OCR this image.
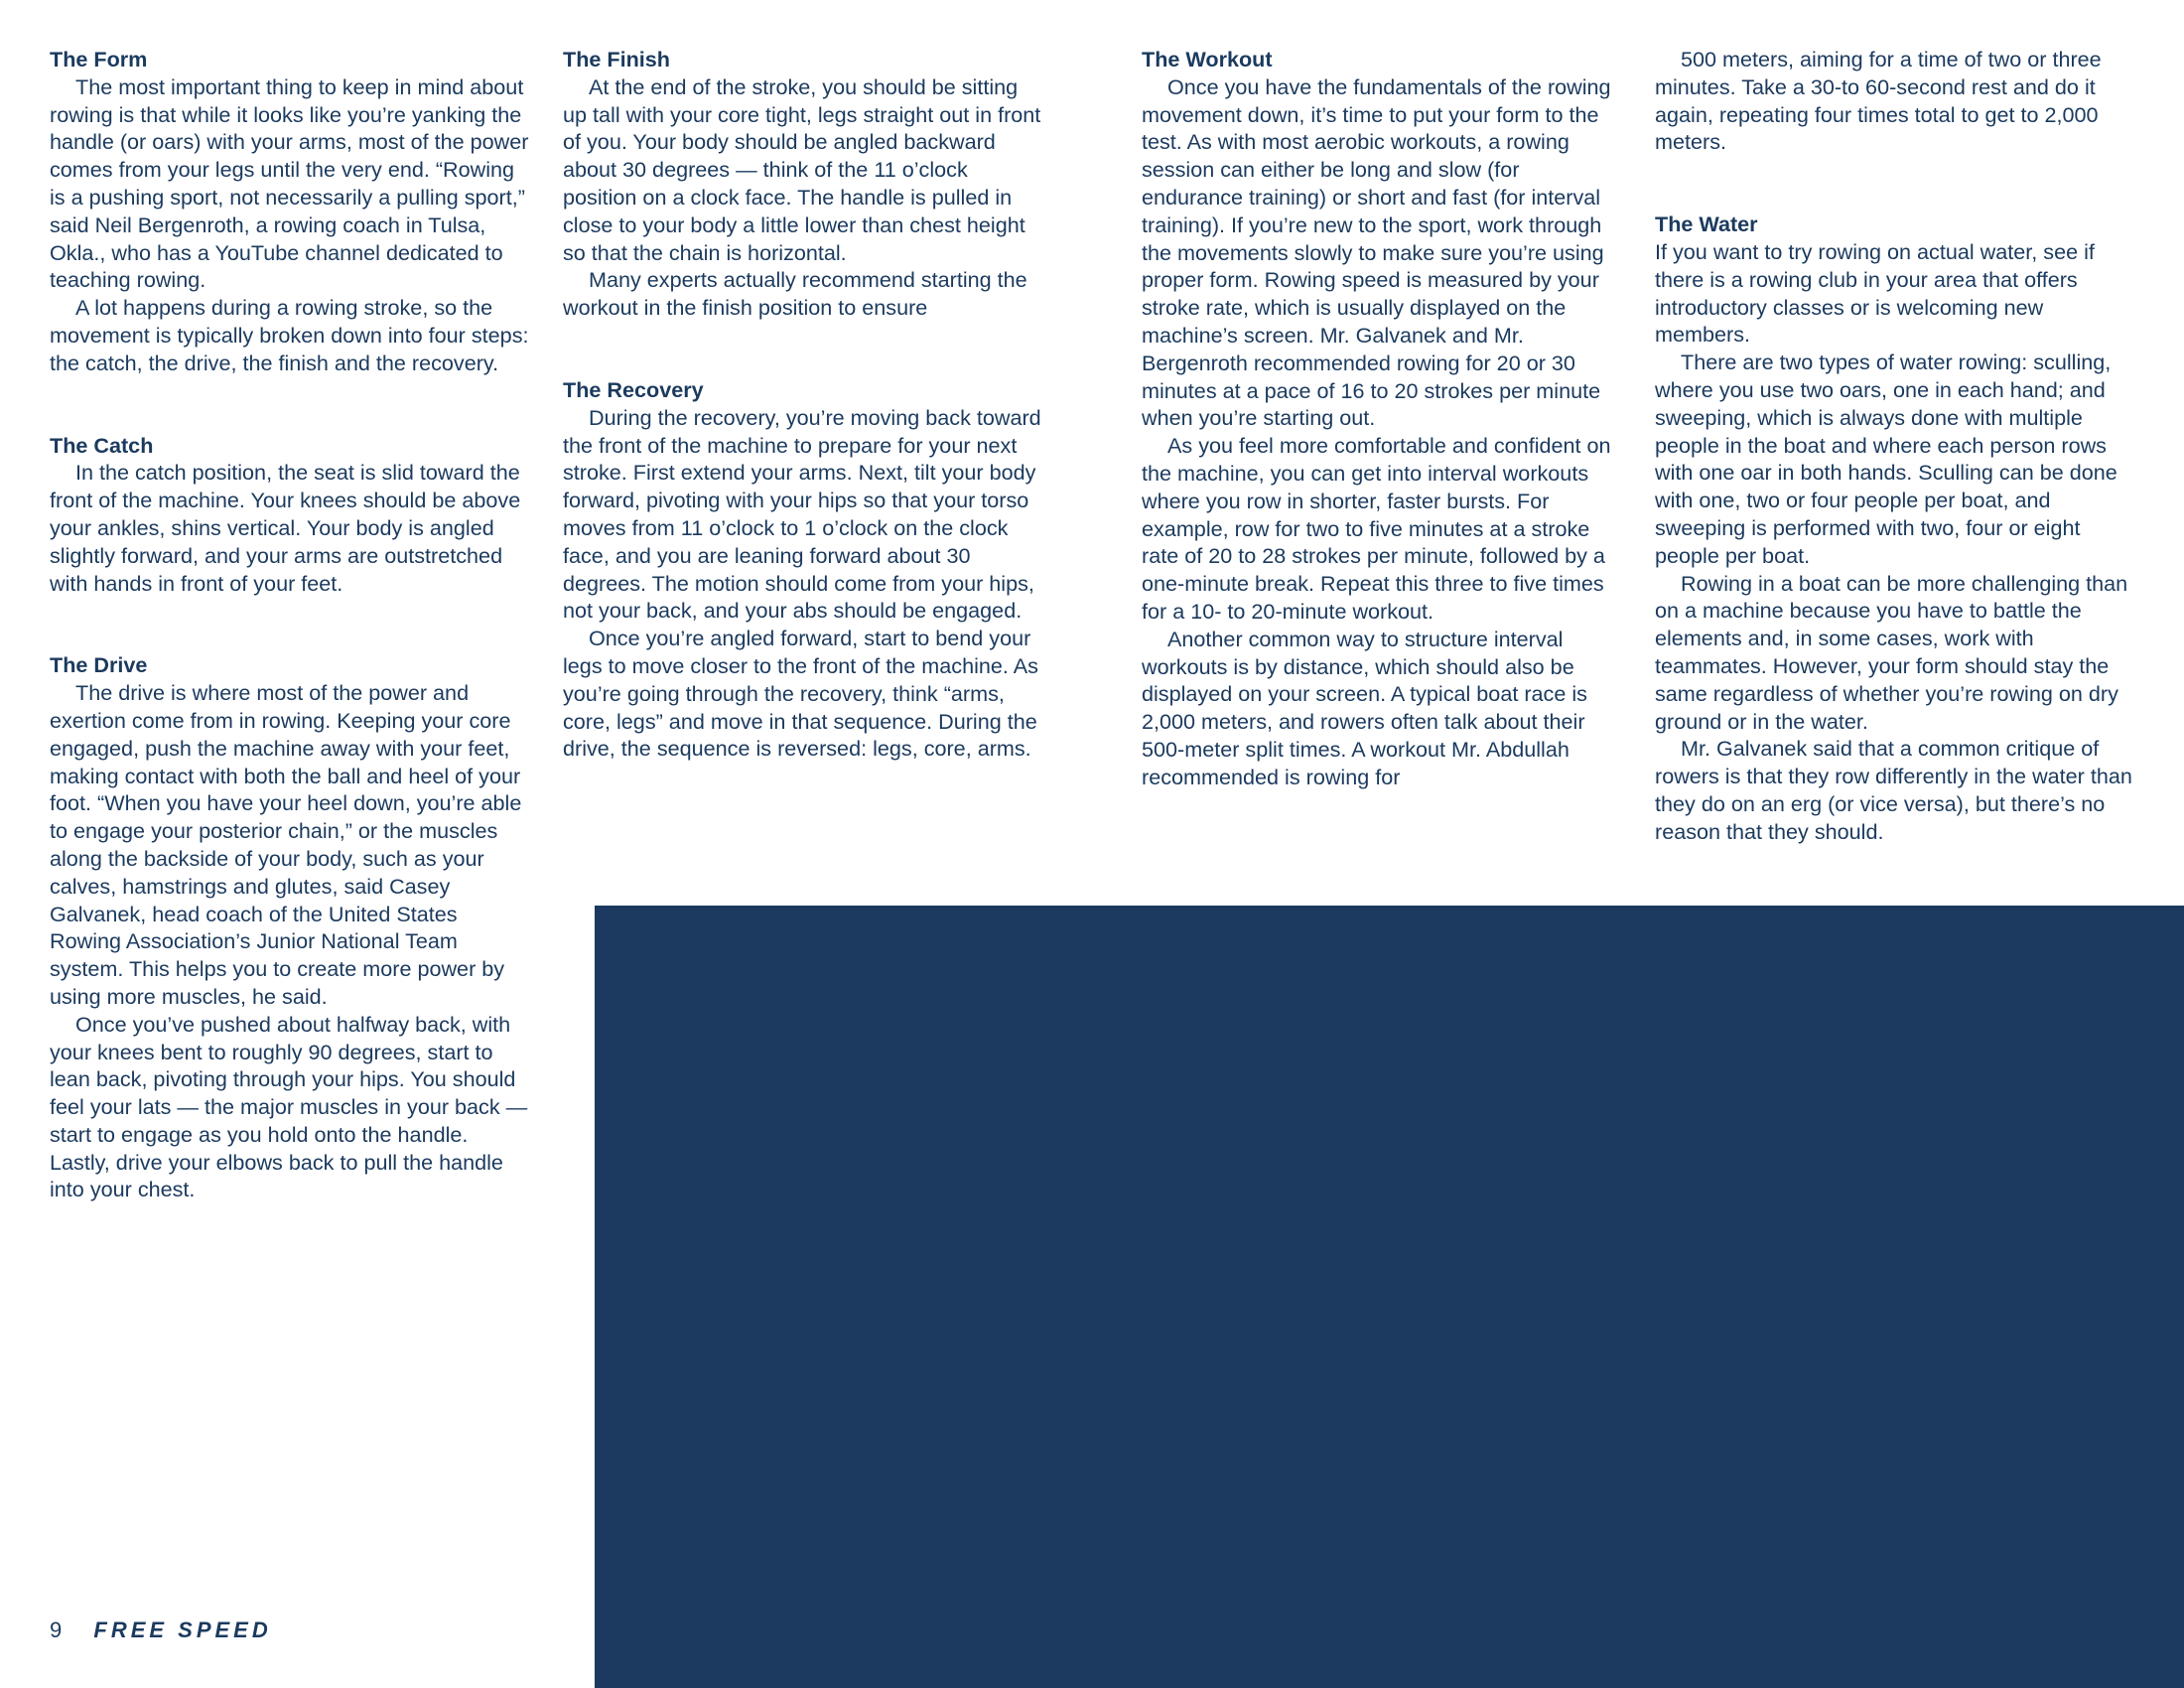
The Form

The most important thing to keep in mind about rowing is that while it looks like you’re yanking the handle (or oars) with your arms, most of the power comes from your legs until the very end. “Rowing is a pushing sport, not necessarily a pulling sport,” said Neil Bergenroth, a rowing coach in Tulsa, Okla., who has a YouTube channel dedicated to teaching rowing.

A lot happens during a rowing stroke, so the movement is typically broken down into four steps: the catch, the drive, the finish and the recovery.

The Catch

In the catch position, the seat is slid toward the front of the machine. Your knees should be above your ankles, shins vertical. Your body is angled slightly forward, and your arms are outstretched with hands in front of your feet.

The Drive

The drive is where most of the power and exertion come from in rowing. Keeping your core engaged, push the machine away with your feet, making contact with both the ball and heel of your foot. “When you have your heel down, you’re able to engage your posterior chain,” or the muscles along the backside of your body, such as your calves, hamstrings and glutes, said Casey Galvanek, head coach of the United States Rowing Association’s Junior National Team system. This helps you to create more power by using more muscles, he said.

Once you’ve pushed about halfway back, with your knees bent to roughly 90 degrees, start to lean back, pivoting through your hips. You should feel your lats — the major muscles in your back — start to engage as you hold onto the handle. Lastly, drive your elbows back to pull the handle into your chest.

The Finish

At the end of the stroke, you should be sitting up tall with your core tight, legs straight out in front of you. Your body should be angled backward about 30 degrees — think of the 11 o’clock position on a clock face. The handle is pulled in close to your body a little lower than chest height so that the chain is horizontal.

Many experts actually recommend starting the workout in the finish position to ensure

The Recovery

During the recovery, you’re moving back toward the front of the machine to prepare for your next stroke. First extend your arms. Next, tilt your body forward, pivoting with your hips so that your torso moves from 11 o’clock to 1 o’clock on the clock face, and you are leaning forward about 30 degrees. The motion should come from your hips, not your back, and your abs should be engaged.

Once you’re angled forward, start to bend your legs to move closer to the front of the machine. As you’re going through the recovery, think “arms, core, legs” and move in that sequence. During the drive, the sequence is reversed: legs, core, arms.

The Workout

Once you have the fundamentals of the rowing movement down, it’s time to put your form to the test. As with most aerobic workouts, a rowing session can either be long and slow (for endurance training) or short and fast (for interval training). If you’re new to the sport, work through the movements slowly to make sure you’re using proper form. Rowing speed is measured by your stroke rate, which is usually displayed on the machine’s screen. Mr. Galvanek and Mr. Bergenroth recommended rowing for 20 or 30 minutes at a pace of 16 to 20 strokes per minute when you’re starting out.

As you feel more comfortable and confident on the machine, you can get into interval workouts where you row in shorter, faster bursts. For example, row for two to five minutes at a stroke rate of 20 to 28 strokes per minute, followed by a one-minute break. Repeat this three to five times for a 10- to 20-minute workout.

Another common way to structure interval workouts is by distance, which should also be displayed on your screen. A typical boat race is 2,000 meters, and rowers often talk about their 500-meter split times. A workout Mr. Abdullah recommended is rowing for

500 meters, aiming for a time of two or three minutes. Take a 30-to 60-second rest and do it again, repeating four times total to get to 2,000 meters.

The Water

If you want to try rowing on actual water, see if there is a rowing club in your area that offers introductory classes or is welcoming new members.

There are two types of water rowing: sculling, where you use two oars, one in each hand; and sweeping, which is always done with multiple people in the boat and where each person rows with one oar in both hands. Sculling can be done with one, two or four people per boat, and sweeping is performed with two, four or eight people per boat.

Rowing in a boat can be more challenging than on a machine because you have to battle the elements and, in some cases, work with teammates. However, your form should stay the same regardless of whether you’re rowing on dry ground or in the water.

Mr. Galvanek said that a common critique of rowers is that they row differently in the water than they do on an erg (or vice versa), but there’s no reason that they should.

9 FREE SPEED
